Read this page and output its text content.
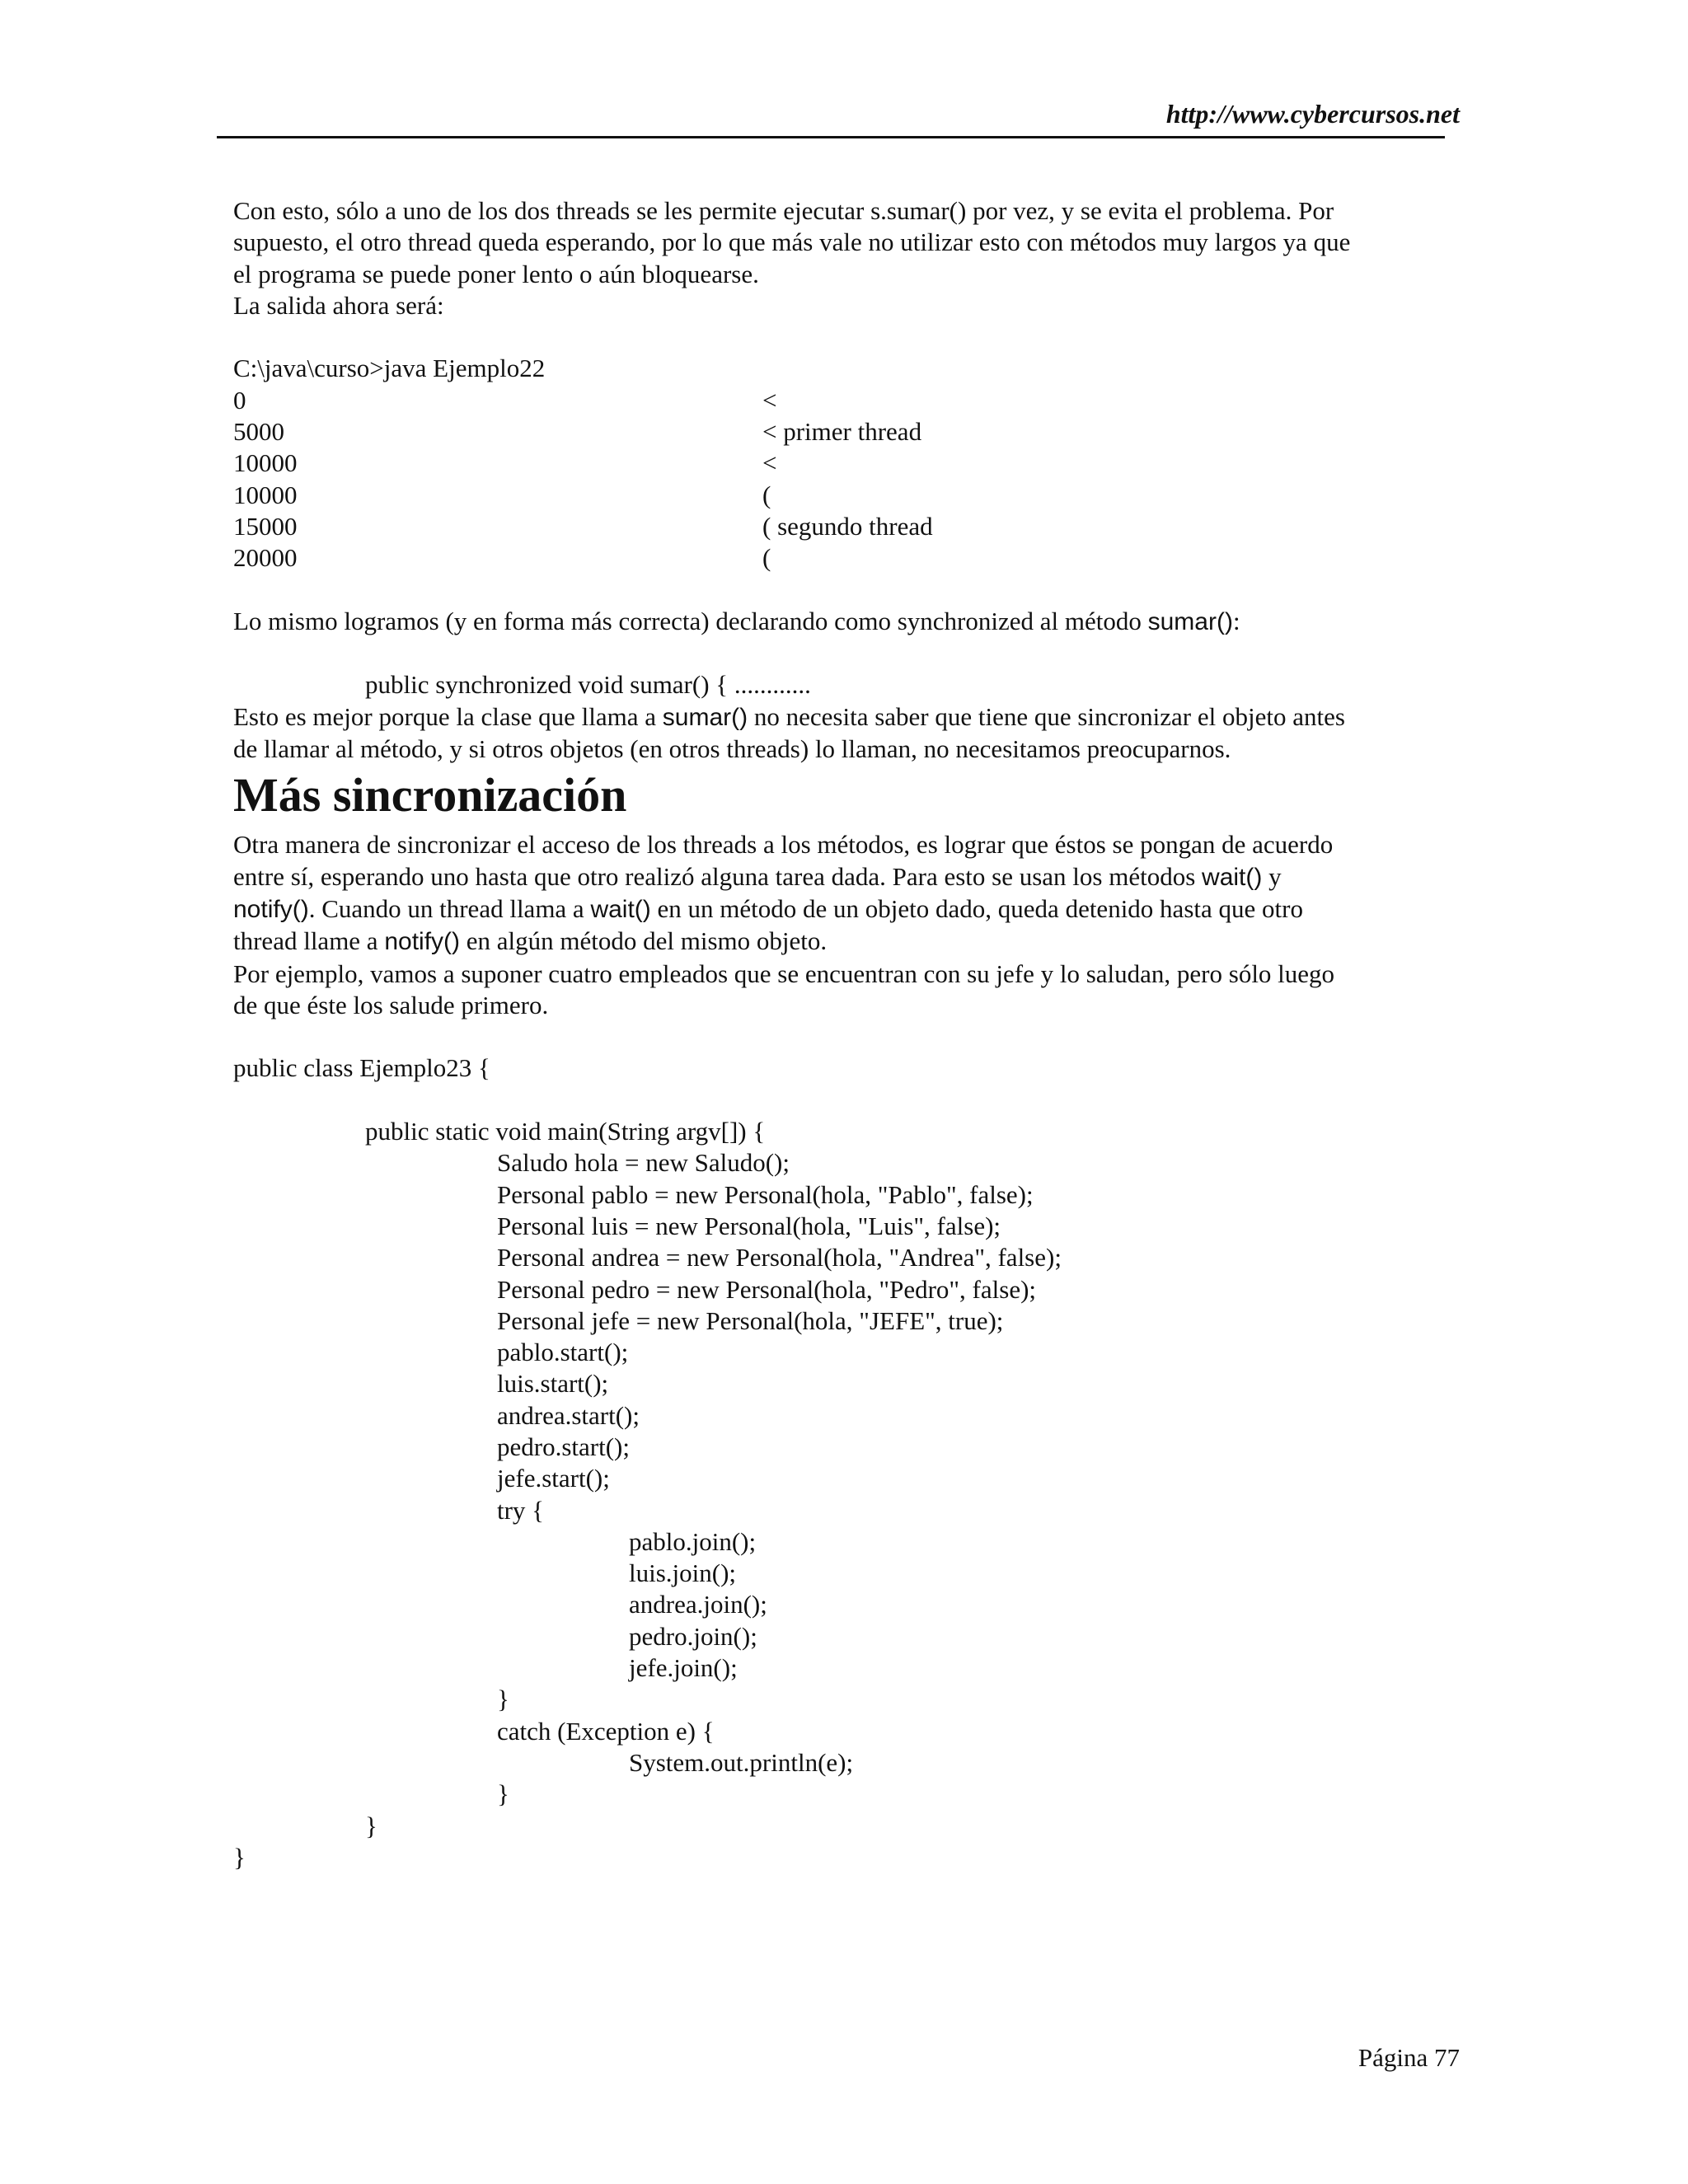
http://www.cybercursos.net
Con esto, sólo a uno de los dos threads se les permite ejecutar s.sumar() por vez, y se evita el problema. Por
supuesto, el otro thread queda esperando, por lo que más vale no utilizar esto con métodos muy largos ya que
el programa se puede poner lento o aún bloquearse.
La salida ahora será:
C:\java\curso>java Ejemplo22
0	<
5000	< primer thread
10000	<
10000	(
15000	( segundo thread
20000	(
Lo mismo logramos (y en forma más correcta) declarando como synchronized al método sumar():
public synchronized void sumar() { ............
Esto es mejor porque la clase que llama a sumar() no necesita saber que tiene que sincronizar el objeto antes
de llamar al método, y si otros objetos (en otros threads) lo llaman, no necesitamos preocuparnos.
Más sincronización
Otra manera de sincronizar el acceso de los threads a los métodos, es lograr que éstos se pongan de acuerdo
entre sí, esperando uno hasta que otro realizó alguna tarea dada. Para esto se usan los métodos wait() y
notify(). Cuando un thread llama a wait() en un método de un objeto dado, queda detenido hasta que otro
thread llame a notify() en algún método del mismo objeto.
Por ejemplo, vamos a suponer cuatro empleados que se encuentran con su jefe y lo saludan, pero sólo luego
de que éste los salude primero.
public class Ejemplo23 {
public static void main(String argv[]) {
Saludo hola = new Saludo();
Personal pablo = new Personal(hola, "Pablo", false);
Personal luis = new Personal(hola, "Luis", false);
Personal andrea = new Personal(hola, "Andrea", false);
Personal pedro = new Personal(hola, "Pedro", false);
Personal jefe = new Personal(hola, "JEFE", true);
pablo.start();
luis.start();
andrea.start();
pedro.start();
jefe.start();
try {
pablo.join();
luis.join();
andrea.join();
pedro.join();
jefe.join();
}
catch (Exception e) {
System.out.println(e);
}
}
}
Página 77
